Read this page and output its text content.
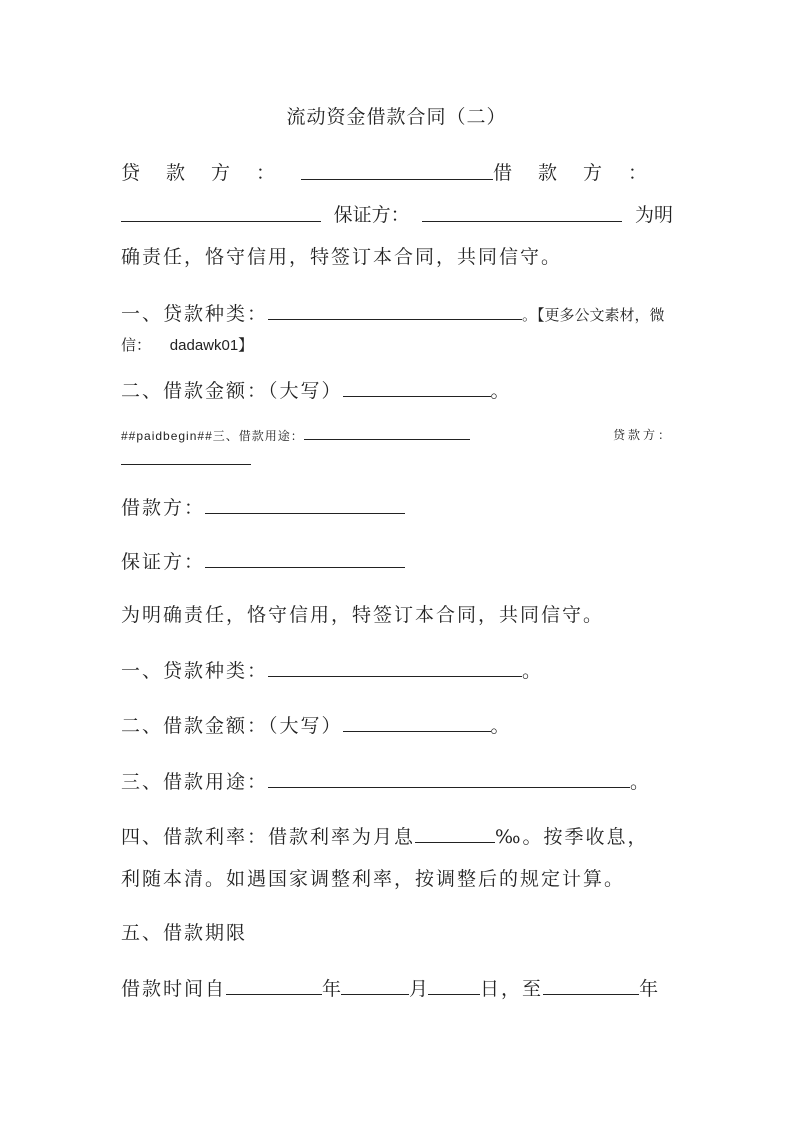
流动资金借款合同（二）
贷款方：	借款方：
保证方：	为明
确责任，恪守信用，特签订本合同，共同信守。
一、贷款种类：	。【更多公文素材，微
信： dadawk01】
二、借款金额：（大写）	。
##paidbegin##三、借款用途：	贷款方：
借款方：
保证方：
为明确责任，恪守信用，特签订本合同，共同信守。
一、贷款种类：	。
二、借款金额：（大写）	。
三、借款用途：	。
四、借款利率：借款利率为月息	‰。按季收息，
利随本清。如遇国家调整利率，按调整后的规定计算。
五、借款期限
借款时间自	年	月	日，至	年
